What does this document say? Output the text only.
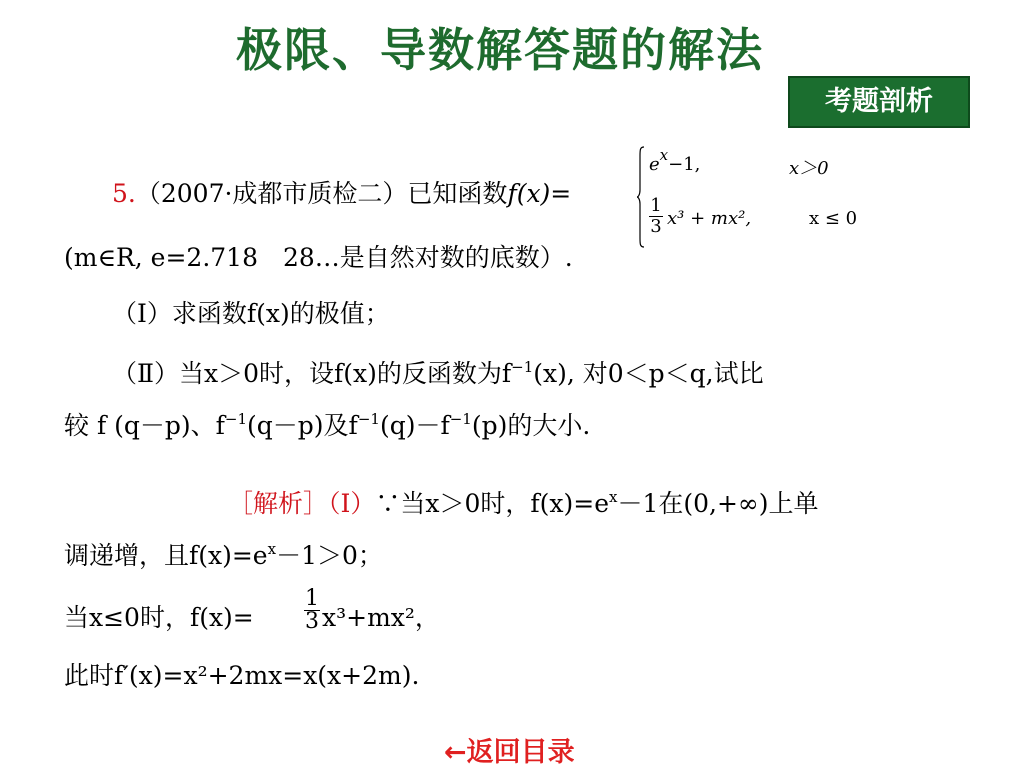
极限、导数解答题的解法
考题剖析
5.（2007·成都市质检二）已知函数f(x)=
$e^x-1$,	x＞0
$\frac{1}{3} x^3 + mx^2$,	x ≤ 0
(m∈R, e=2.718　28…是自然对数的底数）.
（Ⅰ）求函数f(x)的极值；
（Ⅱ）当x＞0时，设f(x)的反函数为$f^{-1}(x)$, 对0＜p＜q,试比
较 f (q－p)、$f^{-1}(q-p)$及$f^{-1}(q)-f^{-1}(p)$的大小.
［解析］（Ⅰ）∵当x＞0时，$f(x)=e^x-1$在(0,+∞)上单
调递增，且$f(x)=e^x-1>0$；
当x≤0时，f(x)=
1
3 x³+mx²，
此时f′(x)=x²+2mx=x(x+2m).
←返回目录
